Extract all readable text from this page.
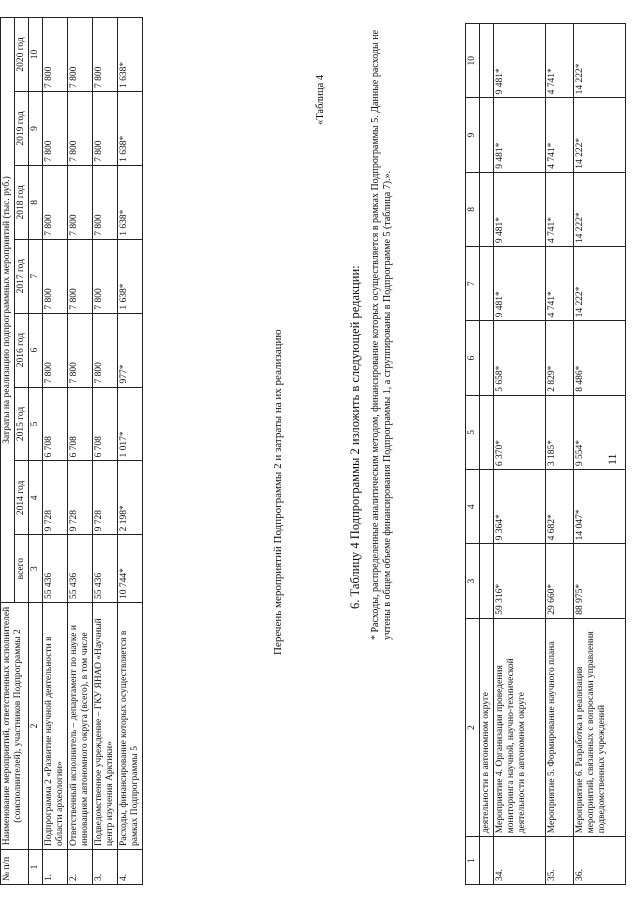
11
1	2	3	4	5	6	7	8	9	10
	деятельности в автономном округе								
34.	Мероприятие 4. Организация проведения мониторинга научной, научно-технической деятельности в автономном округе	59 316*	9 364*	6 370*	5 658*	9 481*	9 481*	9 481*	9 481*
35.	Мероприятие 5. Формирование научного плана	29 660*	4 682*	3 185*	2 829*	4 741*	4 741*	4 741*	4 741*
36.	Мероприятие 6. Разработка и реализация мероприятий, связанных с вопросами управления подведомственных учреждений	88 975*	14 047*	9 554*	8 486*	14 222*	14 222*	14 222*	14 222*
* Расходы, распределенные аналитическим методом, финансирование которых осуществляется в рамках Подпрограммы 5. Данные расходы не учтены в общем объеме финансирования Подпрограммы 1, а сгруппированы в Подпрограмме 5 (таблица 7).».
6. Таблицу 4 Подпрограммы 2 изложить в следующей редакции:
«Таблица 4
Перечень мероприятий Подпрограммы 2 и затраты на их реализацию
№ п/п	Наименование мероприятий, ответственных исполнителей (соисполнителей), участников Подпрограммы 2	Затраты на реализацию подпрограммных мероприятий (тыс. руб.)							
		всего	2014 год	2015 год	2016 год	2017 год	2018 год	2019 год	2020 год
1	2	3	4	5	6	7	8	9	10
1.	Подпрограмма 2 «Развитие научной деятельности в области археологии»	55 436	9 728	6 708	7 800	7 800	7 800	7 800	7 800
2.	Ответственный исполнитель – департамент по науке и инновациям автономного округа (всего), в том числе	55 436	9 728	6 708	7 800	7 800	7 800	7 800	7 800
3.	Подведомственное учреждение – ГКУ ЯНАО «Научный центр изучения Арктики»	55 436	9 728	6 708	7 800	7 800	7 800	7 800	7 800
4.	Расходы, финансирование которых осуществляется в рамках Подпрограммы 5	10 744*	2 198*	1 017*	977*	1 638*	1 638*	1 638*	1 638*
